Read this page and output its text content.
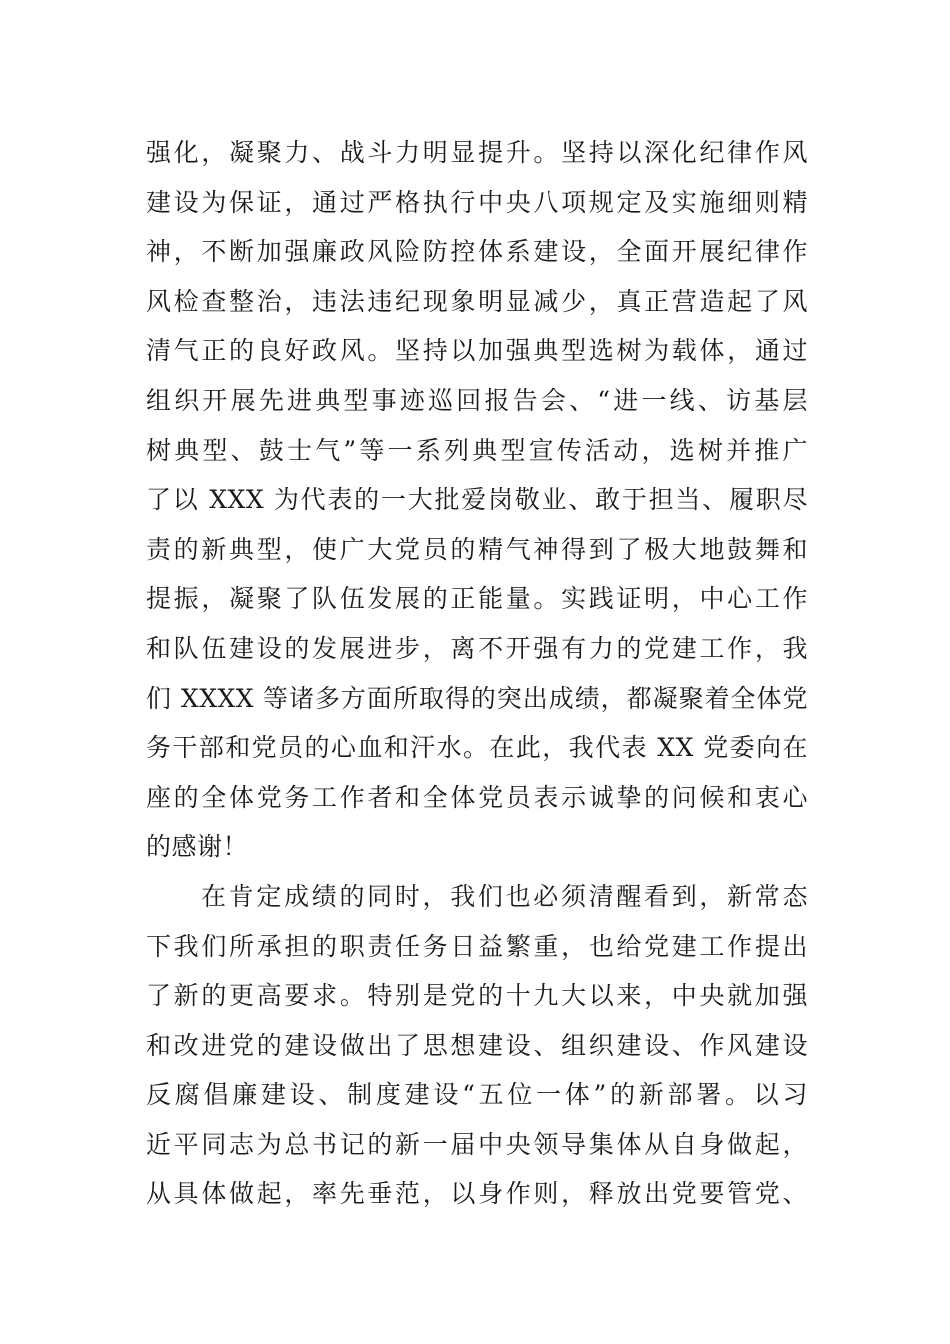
强化，凝聚力、战斗力明显提升。坚持以深化纪律作风
建设为保证，通过严格执行中央八项规定及实施细则精
神，不断加强廉政风险防控体系建设，全面开展纪律作
风检查整治，违法违纪现象明显减少，真正营造起了风
清气正的良好政风。坚持以加强典型选树为载体，通过
组织开展先进典型事迹巡回报告会、“进一线、访基层
树典型、鼓士气”等一系列典型宣传活动，选树并推广
了以 XXX 为代表的一大批爱岗敬业、敢于担当、履职尽
责的新典型，使广大党员的精气神得到了极大地鼓舞和
提振，凝聚了队伍发展的正能量。实践证明，中心工作
和队伍建设的发展进步，离不开强有力的党建工作，我
们 XXXX 等诸多方面所取得的突出成绩，都凝聚着全体党
务干部和党员的心血和汗水。在此，我代表 XX 党委向在
座的全体党务工作者和全体党员表示诚挚的问候和衷心
的感谢！
在肯定成绩的同时，我们也必须清醒看到，新常态
下我们所承担的职责任务日益繁重，也给党建工作提出
了新的更高要求。特别是党的十九大以来，中央就加强
和改进党的建设做出了思想建设、组织建设、作风建设
反腐倡廉建设、制度建设“五位一体”的新部署。以习
近平同志为总书记的新一届中央领导集体从自身做起，
从具体做起，率先垂范，以身作则，释放出党要管党、
